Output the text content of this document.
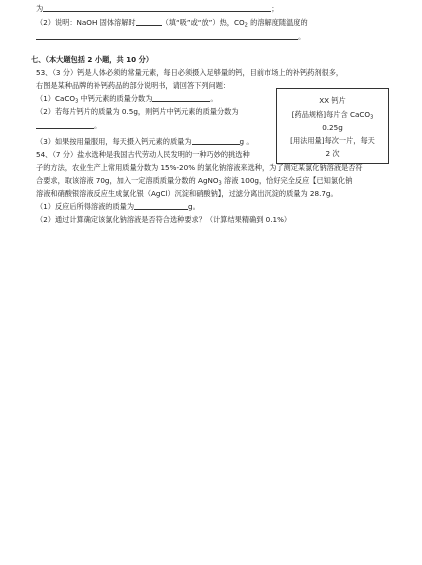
为	；
（2）说明：NaOH 固体溶解时	（填“吸”或“放”）热，$CO_2$ 的溶解度随温度的
。
七、（本大题包括 2 小题，共 10 分）
53、（3 分）钙是人体必须的常量元素，每日必须摄入足够量的钙，目前市场上的补钙药剂很多，
右图是某种品牌的补钙药品的部分说明书，请回答下列问题：
（1）CaCO$_3$ 中钙元素的质量分数为	。
（2）若每片钙片的质量为 0.5g，则钙片中钙元素的质量分数为
。
（3）如果按用量服用，每天摄入钙元素的质量为	g 。
XX 钙片
[药品规格]每片含 CaCO$_3$
0.25g
[用法用量]每次一片，每天
2 次
54、（7 分）盐水选种是我国古代劳动人民发明的一种巧妙的挑选种
子的方法，农业生产上常用质量分数为 15%-20% 的氯化钠溶液来选种，为了测定某氯化钠溶液是否符
合要求，取该溶液 70g，加入一定溶质质量分数的 AgNO$_3$ 溶液 100g，恰好完全反应【已知氯化钠
溶液和硝酸银溶液反应生成氯化银（AgCl）沉淀和硝酸钠】，过滤分离出沉淀的质量为 28.7g。
（1）反应后所得溶液的质量为	g。
（2）通过计算确定该氯化钠溶液是否符合选种要求？（计算结果精确到 0.1%）
